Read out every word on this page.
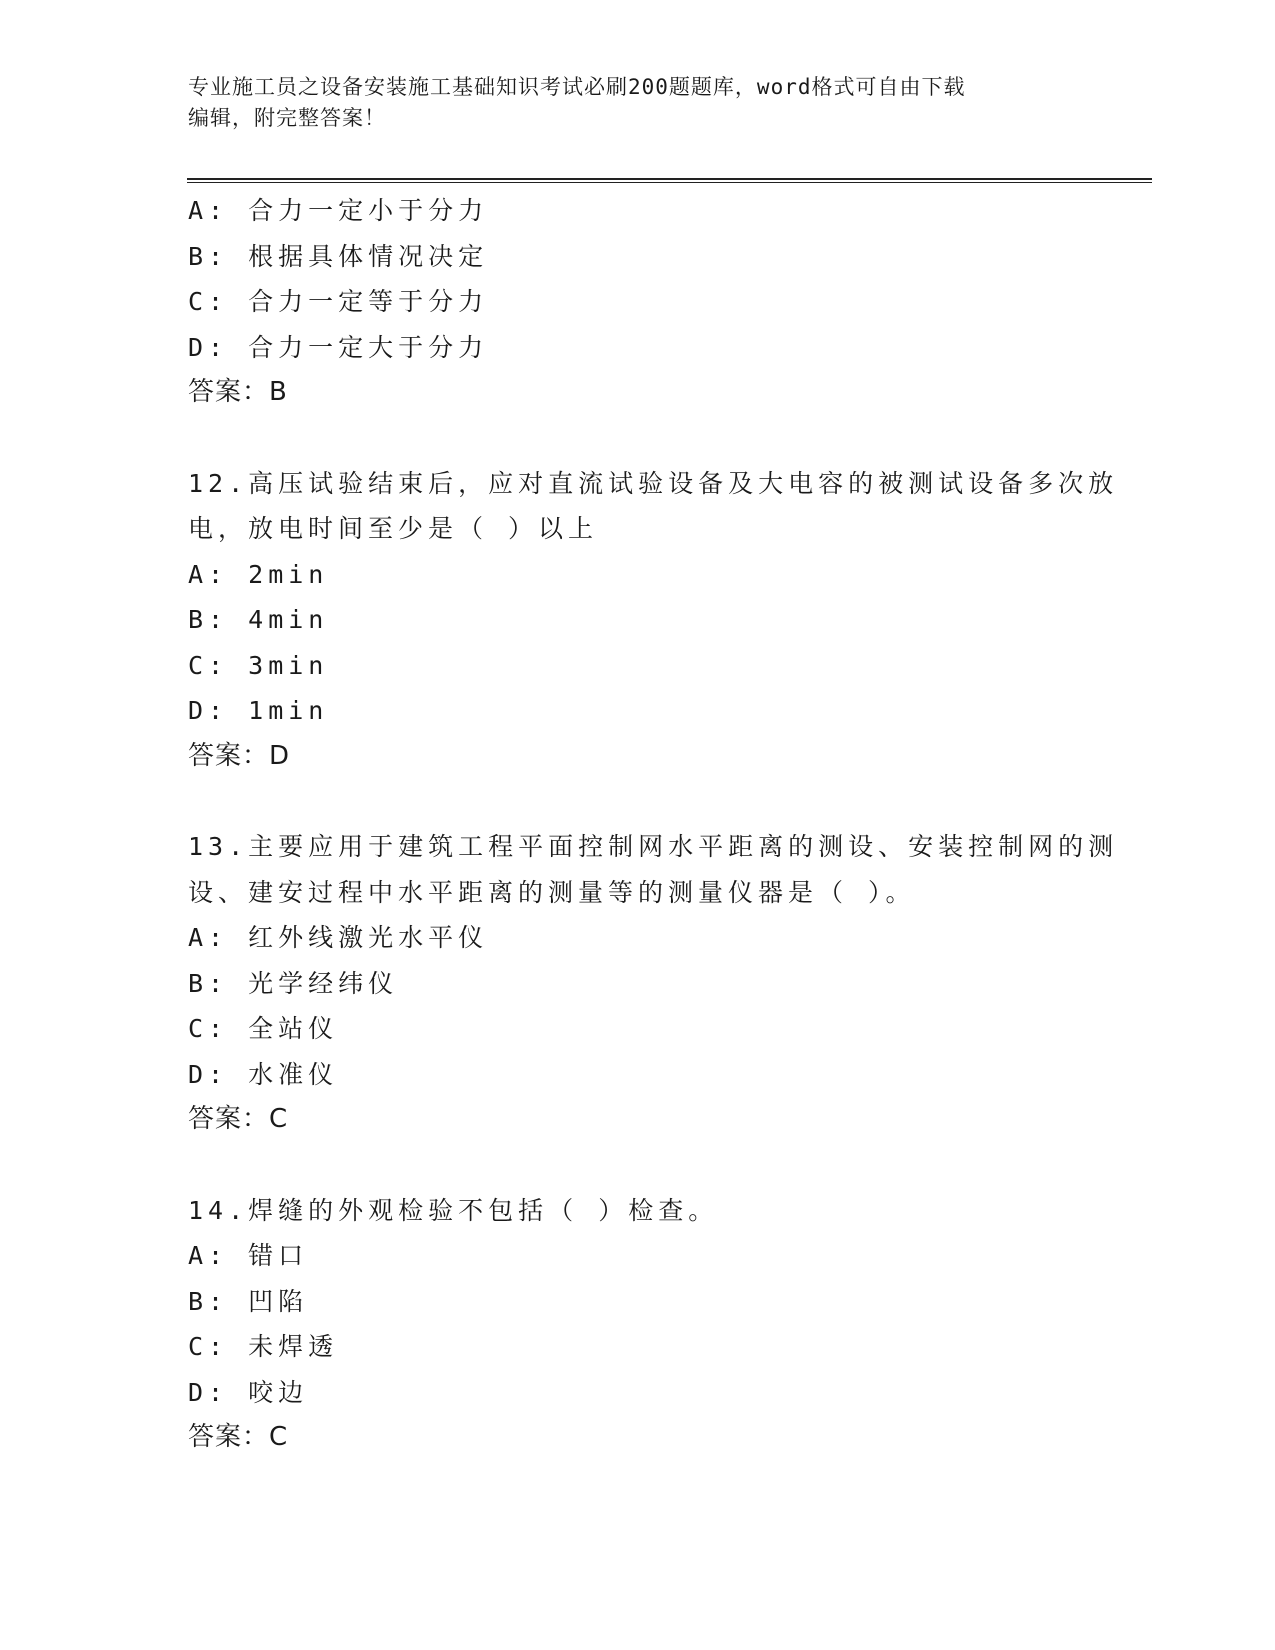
专业施工员之设备安装施工基础知识考试必刷200题题库，word格式可自由下载
编辑，附完整答案！
A: 合力一定小于分力
B: 根据具体情况决定
C: 合力一定等于分力
D: 合力一定大于分力
答案：B
12.高压试验结束后，应对直流试验设备及大电容的被测试设备多次放
电，放电时间至少是（ ）以上
A: 2min
B: 4min
C: 3min
D: 1min
答案：D
13.主要应用于建筑工程平面控制网水平距离的测设、安装控制网的测
设、建安过程中水平距离的测量等的测量仪器是（ ）。
A: 红外线激光水平仪
B: 光学经纬仪
C: 全站仪
D: 水准仪
答案：C
14.焊缝的外观检验不包括（ ）检查。
A: 错口
B: 凹陷
C: 未焊透
D: 咬边
答案：C
